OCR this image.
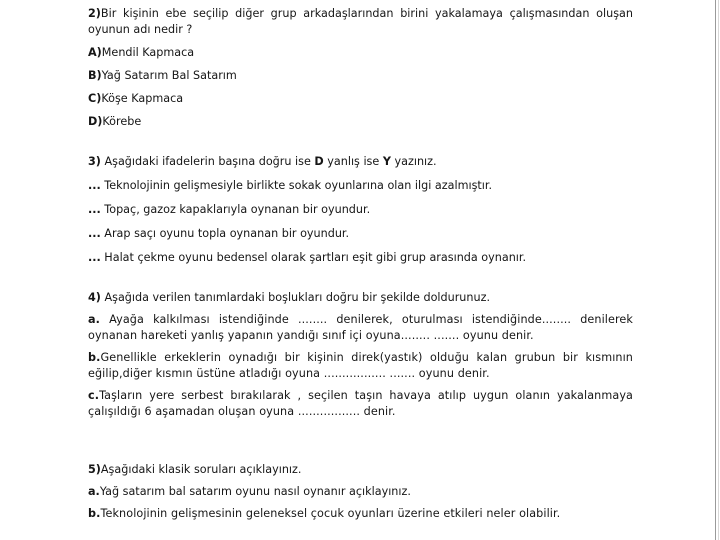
2)Bir kişinin ebe seçilip diğer grup arkadaşlarından birini yakalamaya çalışmasından oluşan oyunun adı nedir ?

A)Mendil Kapmaca

B)Yağ Satarım Bal Satarım

C)Köşe Kapmaca

D)Körebe

3) Aşağıdaki ifadelerin başına doğru ise D yanlış ise Y yazınız.

... Teknolojinin gelişmesiyle birlikte sokak oyunlarına olan ilgi azalmıştır.

... Topaç, gazoz kapaklarıyla oynanan bir oyundur.

... Arap saçı oyunu topla oynanan bir oyundur.

... Halat çekme oyunu bedensel olarak şartları eşit gibi grup arasında oynanır.

4) Aşağıda verilen tanımlardaki boşlukları doğru bir şekilde doldurunuz.

a. Ayağa kalkılması istendiğinde ........ denilerek, oturulması istendiğinde........ denilerek oynanan hareketi yanlış yapanın yandığı sınıf içi oyuna........ ....... oyunu denir.

b.Genellikle erkeklerin oynadığı bir kişinin direk(yastık) olduğu kalan grubun bir kısmının eğilip,diğer kısmın üstüne atladığı oyuna ................. ....... oyunu denir.

c.Taşların yere serbest bırakılarak , seçilen taşın havaya atılıp uygun olanın yakalanmaya çalışıldığı 6 aşamadan oluşan oyuna ................. denir.

5)Aşağıdaki klasik soruları açıklayınız.

a.Yağ satarım bal satarım oyunu nasıl oynanır açıklayınız.

b.Teknolojinin gelişmesinin geleneksel çocuk oyunları üzerine etkileri neler olabilir.
